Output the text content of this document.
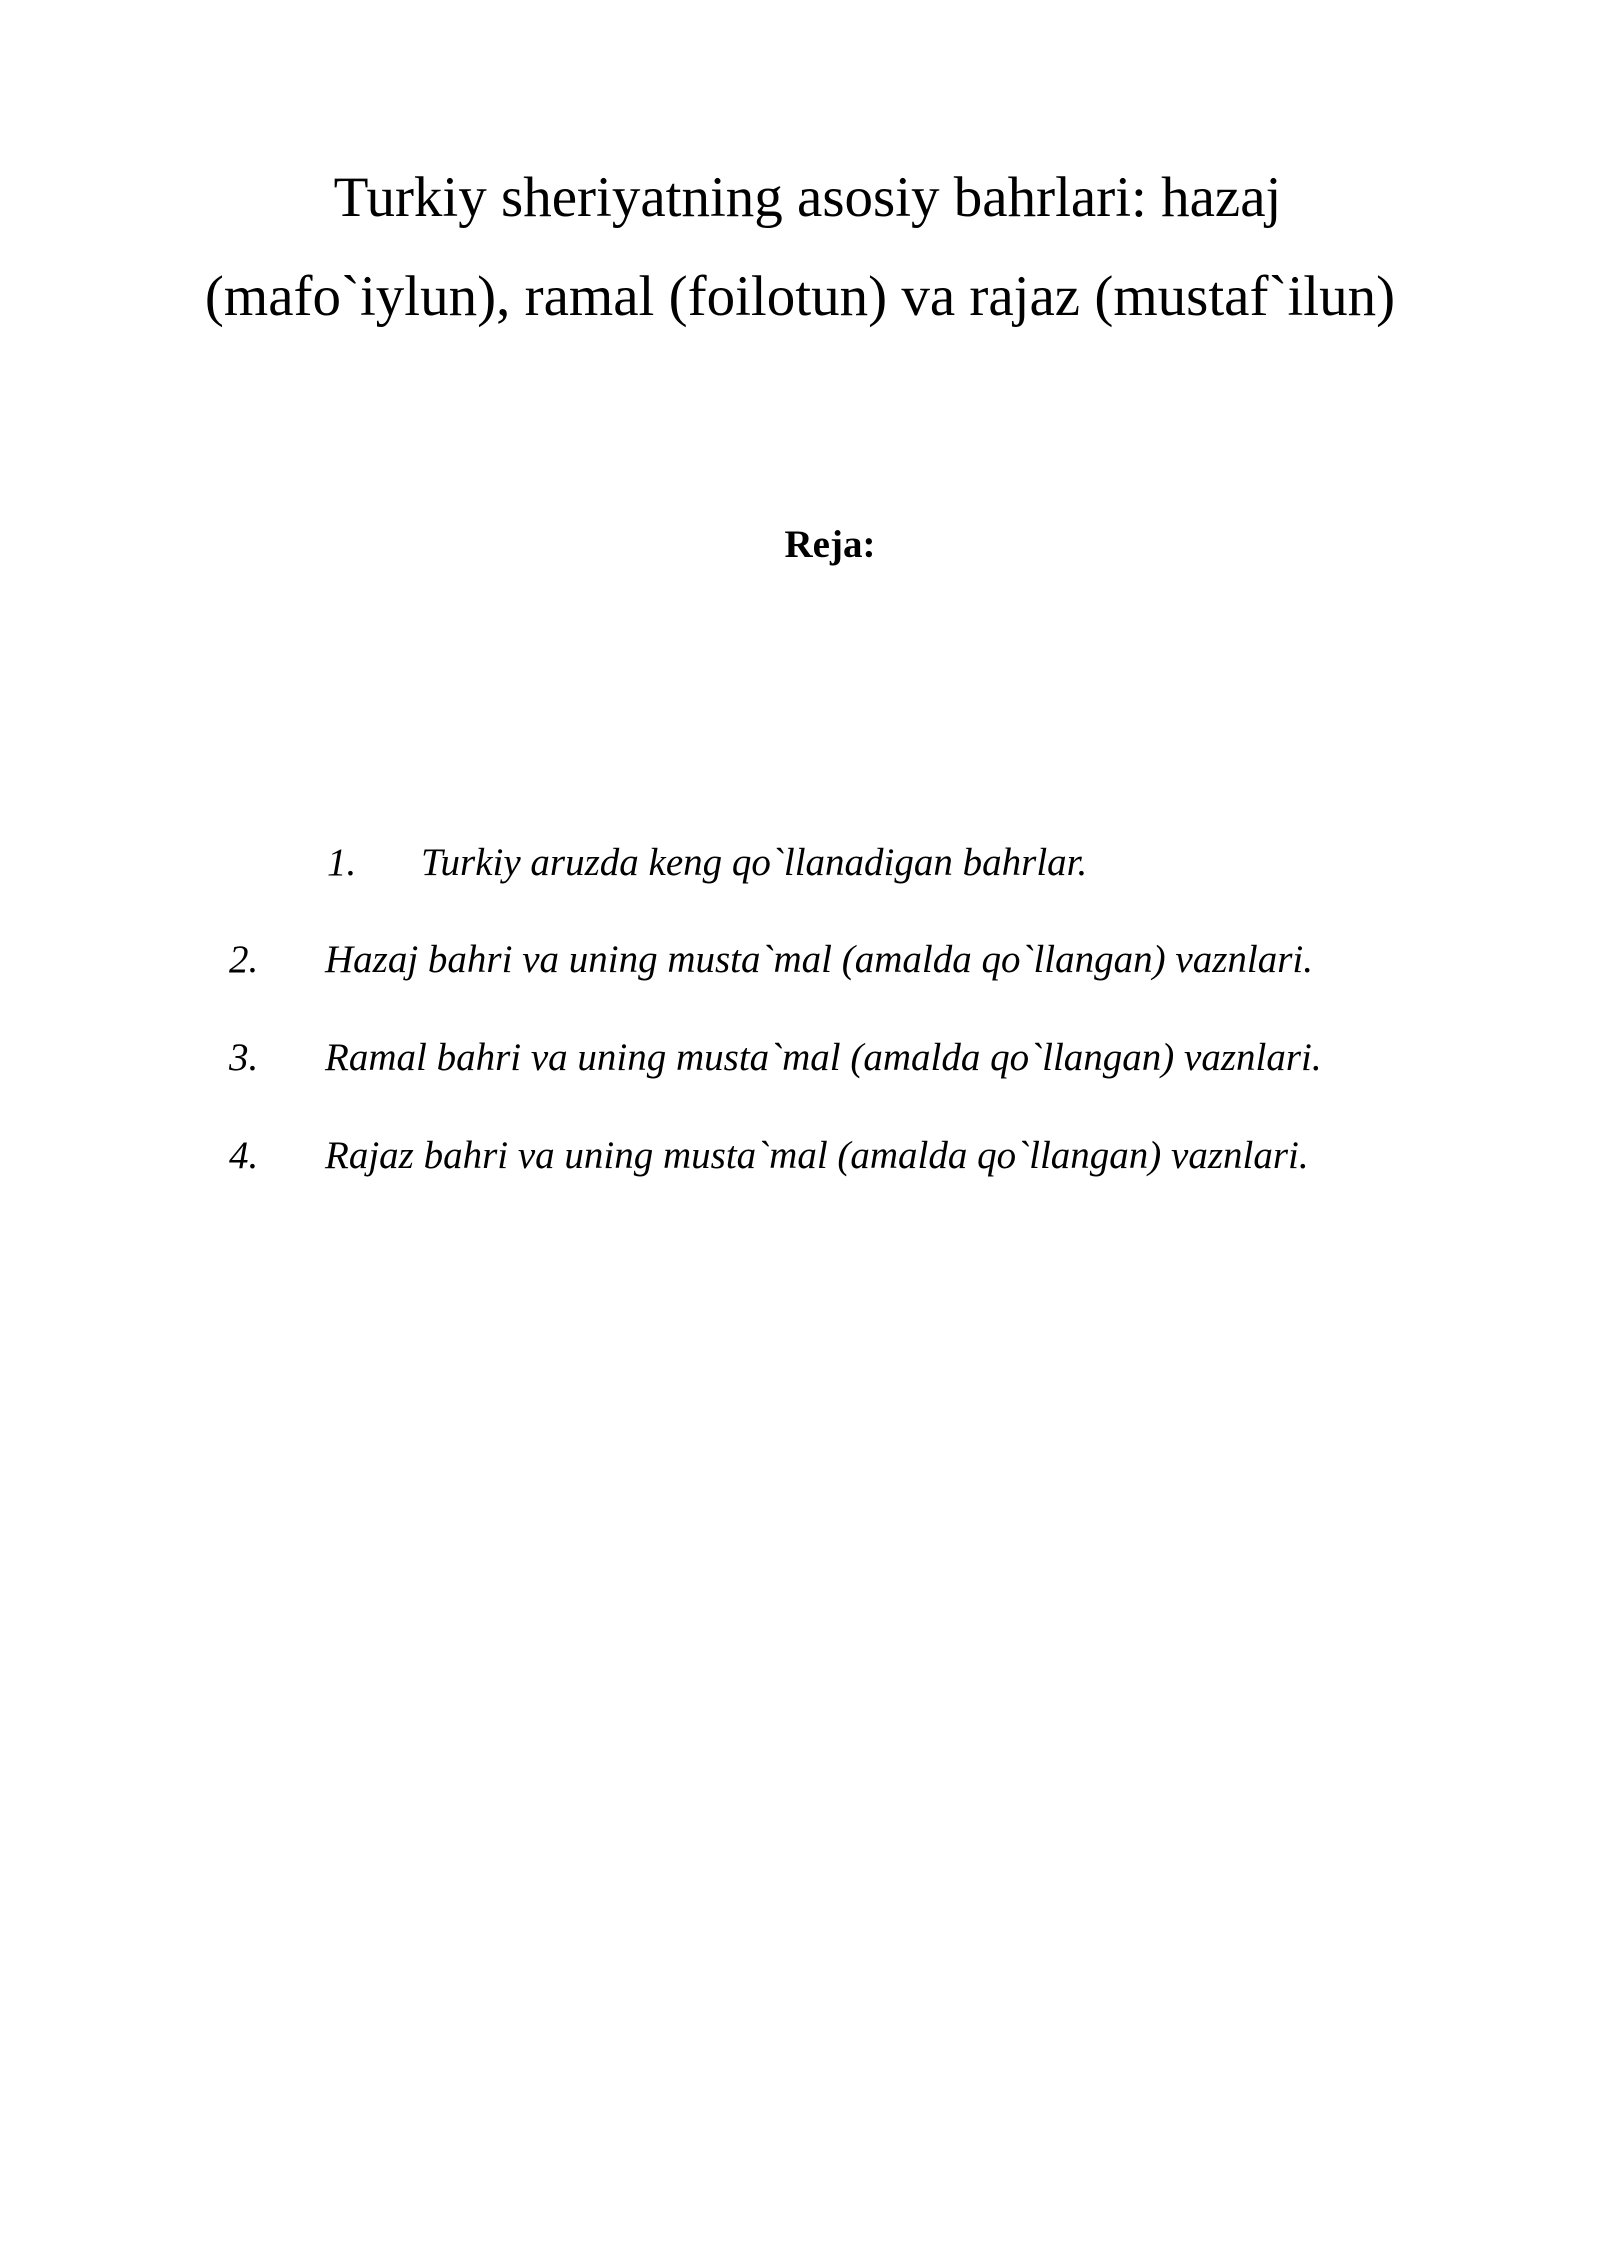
Turkiy sheriyatning asosiy bahrlari: hazaj
(mafo`iylun), ramal (foilotun) va rajaz (mustaf`ilun)
Reja:
1. Turkiy aruzda keng qo`llanadigan bahrlar.
2. Hazaj bahri va uning musta`mal (amalda qo`llangan) vaznlari.
3. Ramal bahri va uning musta`mal (amalda qo`llangan) vaznlari.
4. Rajaz bahri va uning musta`mal (amalda qo`llangan) vaznlari.
